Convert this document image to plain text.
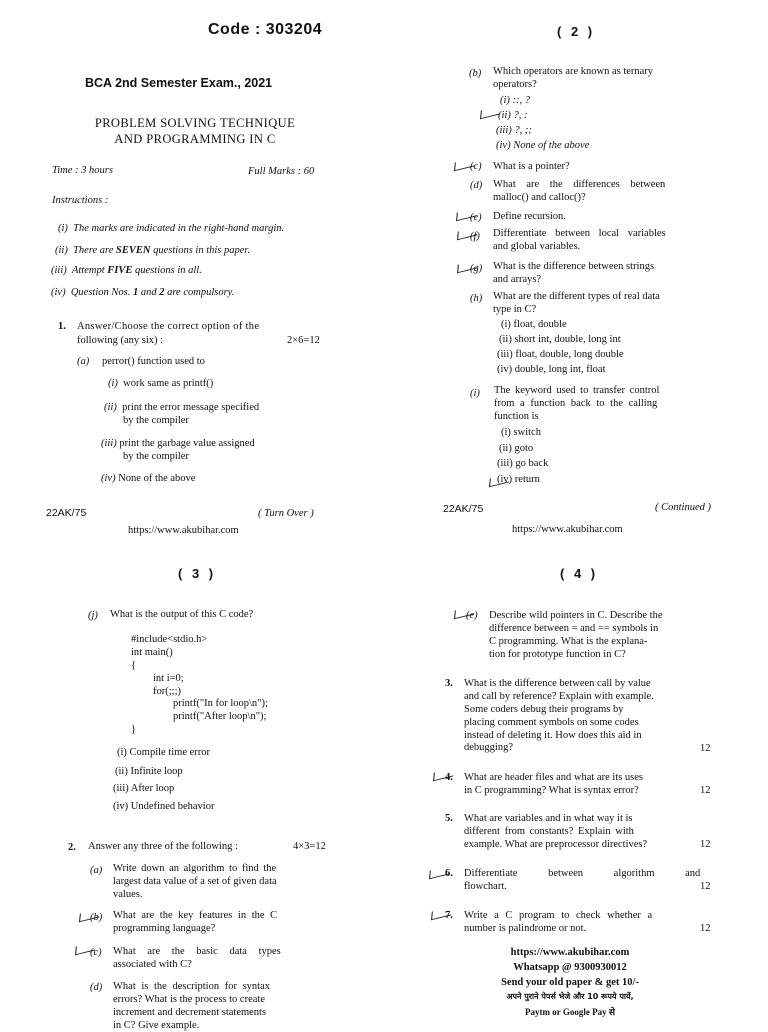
Code : 303204
BCA 2nd Semester Exam., 2021
PROBLEM SOLVING TECHNIQUE
AND PROGRAMMING IN C
Time : 3 hours	Full Marks : 60
Instructions :
(i) The marks are indicated in the right-hand margin.
(ii) There are SEVEN questions in this paper.
(iii) Attempt FIVE questions in all.
(iv) Question Nos. 1 and 2 are compulsory.
1. Answer/Choose the correct option of the
following (any six) :	2×6=12
(a) perror() function used to
(i) work same as printf()
(ii) print the error message specified
by the compiler
(iii) print the garbage value assigned
by the compiler
(iv) None of the above
22AK/75	( Turn Over )
https://www.akubihar.com
( 2 )
(b) Which operators are known as ternary
operators?
(i) ::, ?
(ii) ?, :
(iii) ?, ;;
(iv) None of the above
(c) What is a pointer?
(d) What are the differences between
malloc() and calloc()?
(e) Define recursion.
(f) Differentiate between local variables
and global variables.
(g) What is the difference between strings
and arrays?
(h) What are the different types of real data
type in C?
(i) float, double
(ii) short int, double, long int
(iii) float, double, long double
(iv) double, long int, float
(i) The keyword used to transfer control
from a function back to the calling
function is
(i) switch
(ii) goto
(iii) go back
(iv) return
22AK/75	( Continued )
https://www.akubihar.com
( 3 )
(j) What is the output of this C code?
#include<stdio.h>
int main()
{
int i=0;
for(;;;)
printf("In for loop\n");
printf("After loop\n");
}
(i) Compile time error
(ii) Infinite loop
(iii) After loop
(iv) Undefined behavior
2. Answer any three of the following :	4×3=12
(a) Write down an algorithm to find the
largest data value of a set of given data
values.
(b) What are the key features in the C
programming language?
(c) What are the basic data types
associated with C?
(d) What is the description for syntax
errors? What is the process to create
increment and decrement statements
in C? Give example.
( 4 )
(e) Describe wild pointers in C. Describe the
difference between = and == symbols in
C programming. What is the explana-
tion for prototype function in C?
3. What is the difference between call by value
and call by reference? Explain with example.
Some coders debug their programs by
placing comment symbols on some codes
instead of deleting it. How does this aid in
debugging?	12
4. What are header files and what are its uses
in C programming? What is syntax error?	12
5. What are variables and in what way it is
different from constants? Explain with
example. What are preprocessor directives?	12
6. Differentiate between algorithm and
flowchart.	12
7. Write a C program to check whether a
number is palindrome or not.	12
https://www.akubihar.com
Whatsapp @ 9300930012
Send your old paper & get 10/-
अपने पुराने पेपर्स भेजे और 10 रूपये पायें,
Paytm or Google Pay से
